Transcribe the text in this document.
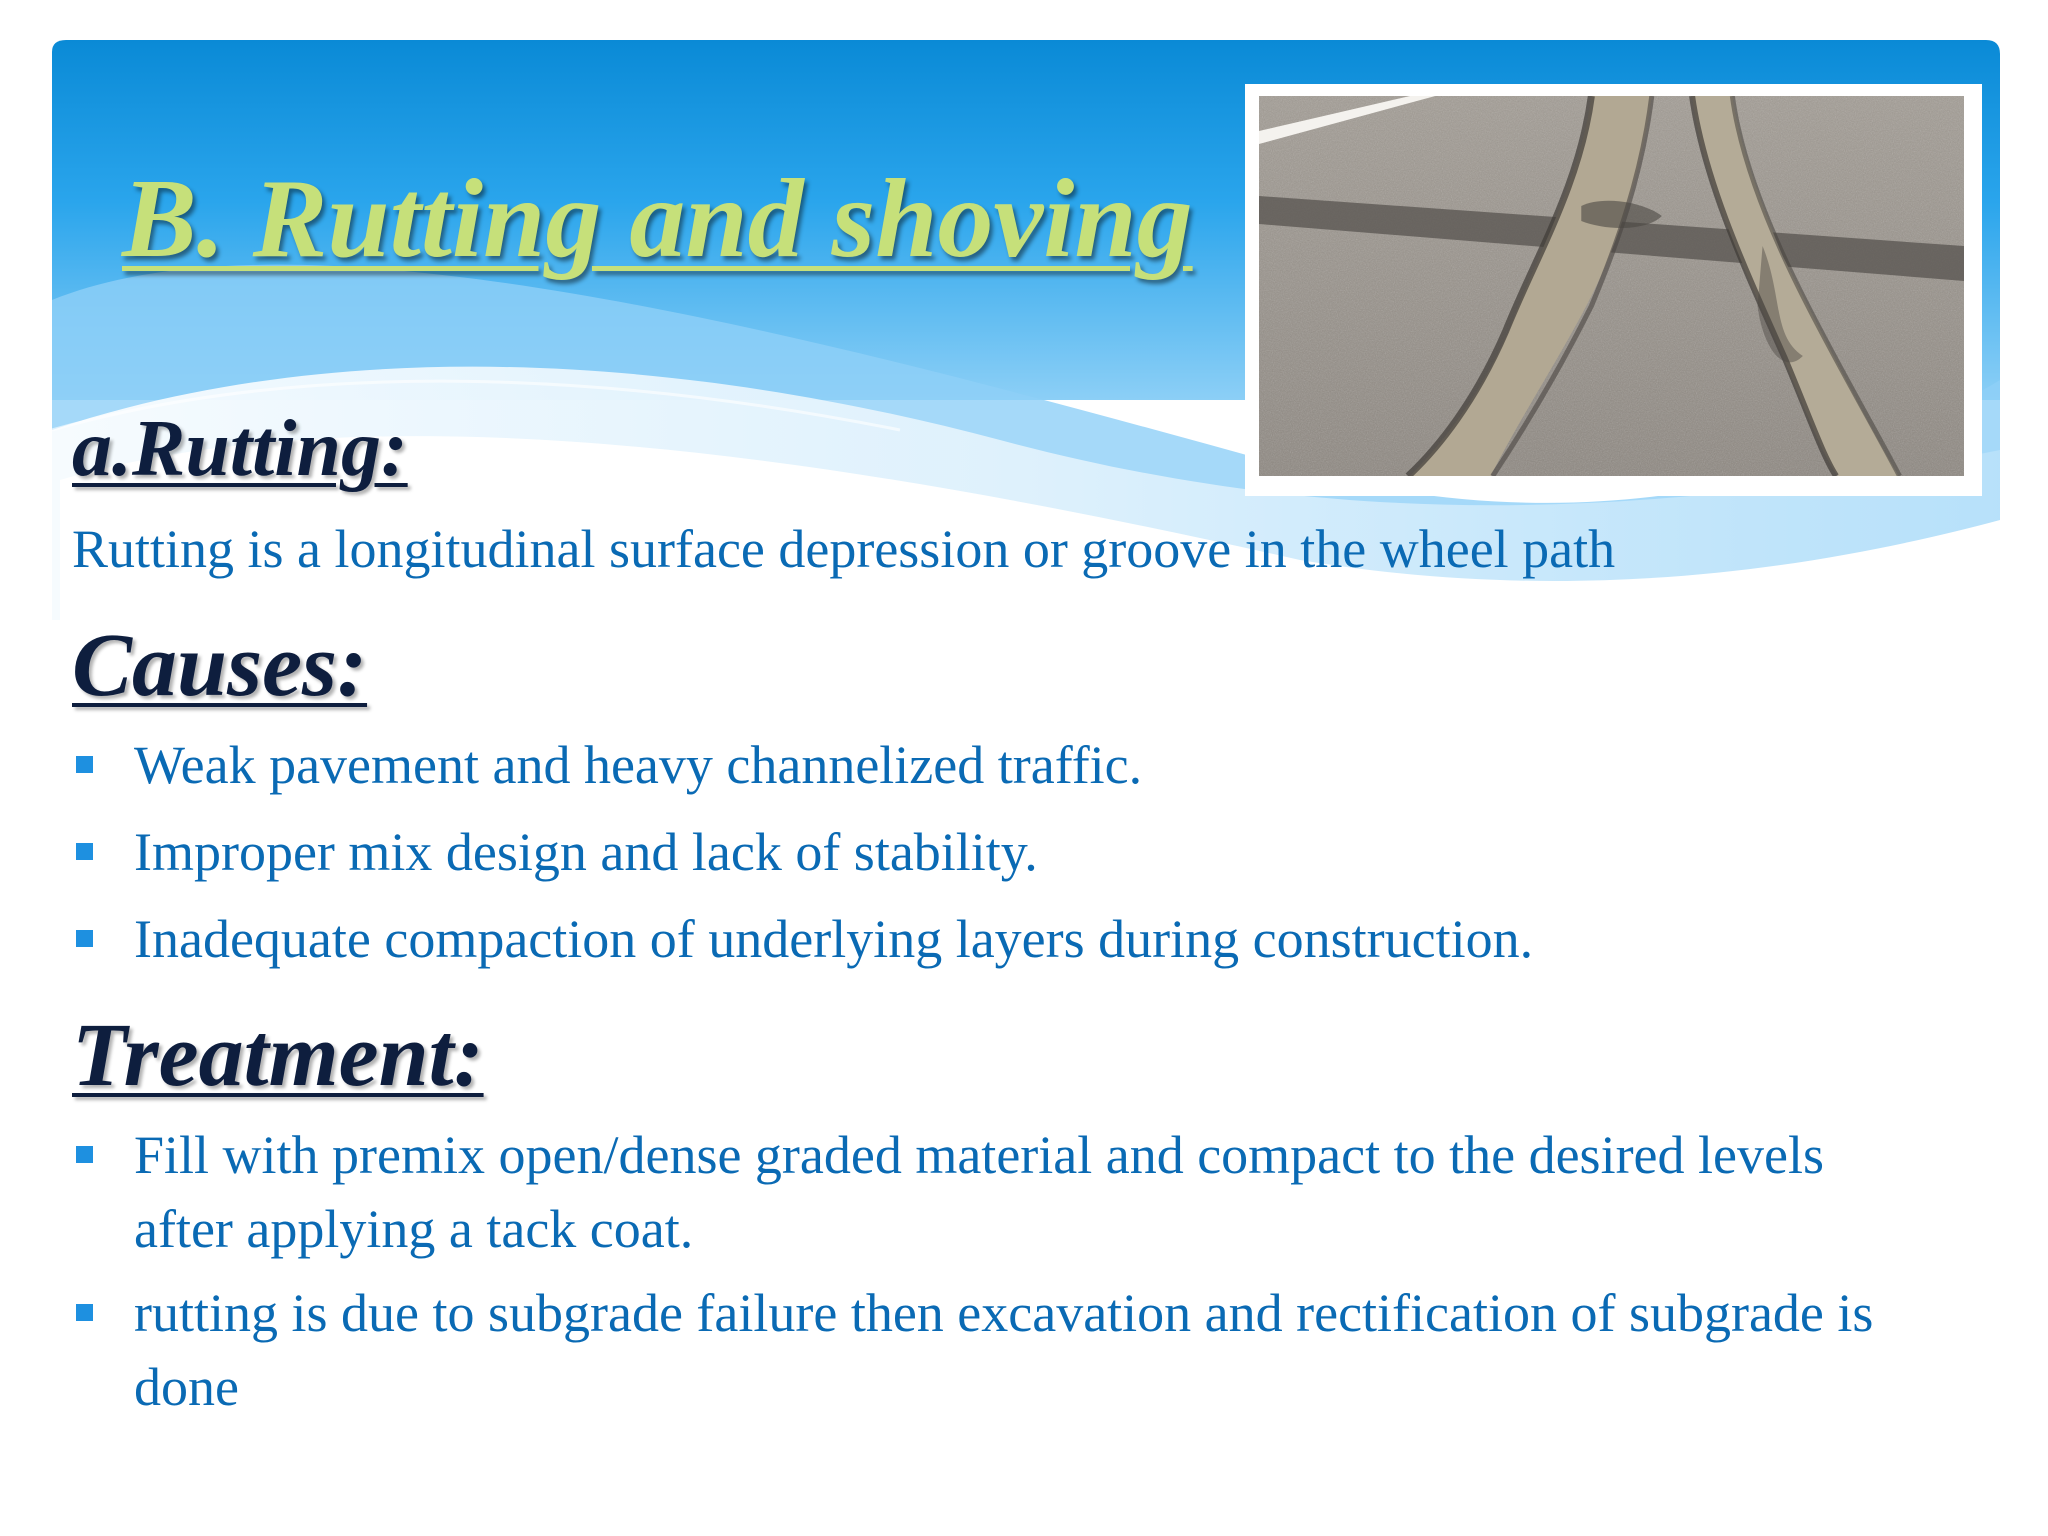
B. Rutting and shoving
a.Rutting:

Rutting is a longitudinal surface depression or groove in the wheel path

Causes:
Weak pavement and heavy channelized traffic.
Improper mix design and lack of stability.
Inadequate compaction of underlying layers during construction.
Treatment:
Fill with premix open/dense graded material and compact to the desired levels after applying a tack coat.
rutting is due to subgrade failure then excavation and rectification of subgrade is done
